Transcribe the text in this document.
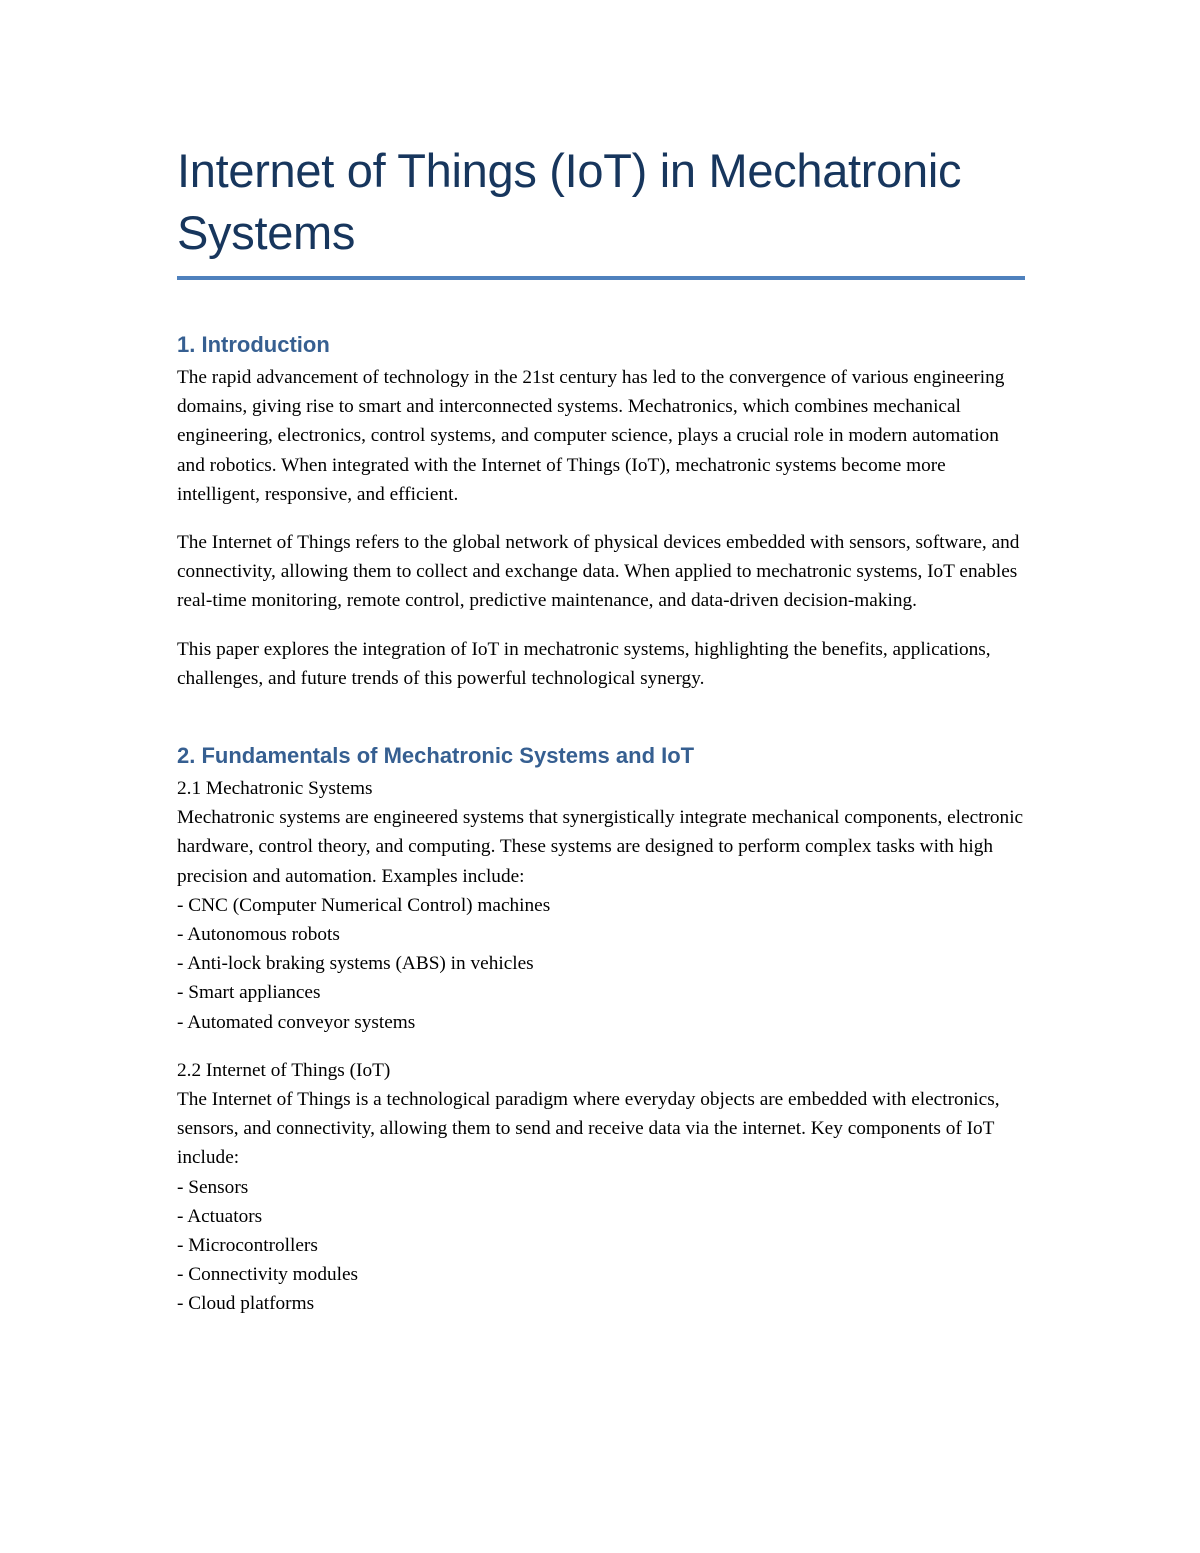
Internet of Things (IoT) in Mechatronic Systems
1. Introduction

The rapid advancement of technology in the 21st century has led to the convergence of various engineering domains, giving rise to smart and interconnected systems. Mechatronics, which combines mechanical engineering, electronics, control systems, and computer science, plays a crucial role in modern automation and robotics. When integrated with the Internet of Things (IoT), mechatronic systems become more intelligent, responsive, and efficient.

The Internet of Things refers to the global network of physical devices embedded with sensors, software, and connectivity, allowing them to collect and exchange data. When applied to mechatronic systems, IoT enables real-time monitoring, remote control, predictive maintenance, and data-driven decision-making.

This paper explores the integration of IoT in mechatronic systems, highlighting the benefits, applications, challenges, and future trends of this powerful technological synergy.

2. Fundamentals of Mechatronic Systems and IoT

2.1 Mechatronic Systems

Mechatronic systems are engineered systems that synergistically integrate mechanical components, electronic hardware, control theory, and computing. These systems are designed to perform complex tasks with high precision and automation. Examples include:

- CNC (Computer Numerical Control) machines
- Autonomous robots
- Anti-lock braking systems (ABS) in vehicles
- Smart appliances
- Automated conveyor systems

2.2 Internet of Things (IoT)

The Internet of Things is a technological paradigm where everyday objects are embedded with electronics, sensors, and connectivity, allowing them to send and receive data via the internet. Key components of IoT include:

- Sensors
- Actuators
- Microcontrollers
- Connectivity modules
- Cloud platforms
